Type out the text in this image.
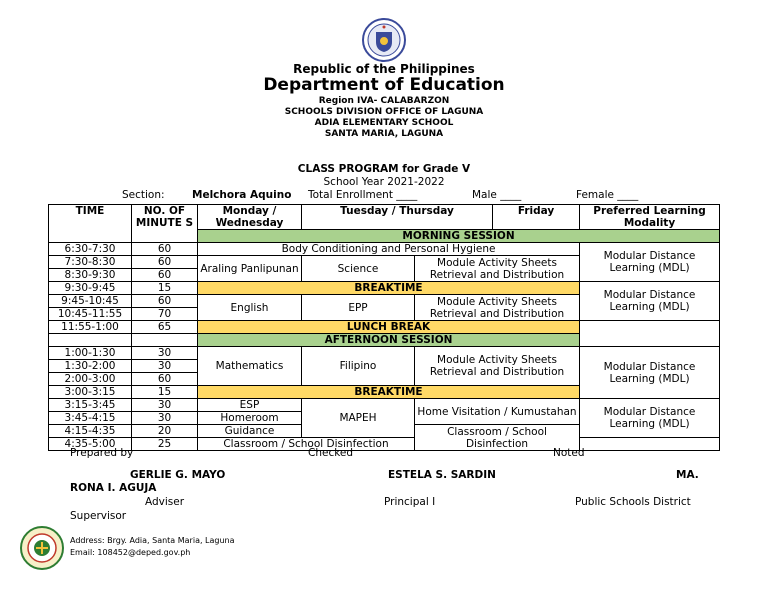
Republic of the Philippines
Department of Education
Region IVA- CALABARZON
SCHOOLS DIVISION OFFICE OF LAGUNA
ADIA ELEMENTARY SCHOOL
SANTA MARIA, LAGUNA
CLASS PROGRAM for Grade V
School Year 2021-2022
Section:	Melchora Aquino Total Enrollment ____	Male ____	Female ____
TIME	NO. OF MINUTE S	Monday / Wednesday	Tuesday / Thursday		Friday	Preferred Learning Modality
		MORNING SESSION				
6:30-7:30	60	Body Conditioning and Personal Hygiene				Modular Distance Learning (MDL)
7:30-8:30	60	Araling Panlipunan	Science	Module Activity Sheets Retrieval and Distribution		
8:30-9:30	60					
9:30-9:45	15	BREAKTIME				Modular Distance Learning (MDL)
9:45-10:45	60	English	EPP	Module Activity Sheets Retrieval and Distribution		
10:45-11:55	70					
11:55-1:00	65	LUNCH BREAK				
		AFTERNOON SESSION				
1:00-1:30	30	Mathematics	Filipino	Module Activity Sheets Retrieval and Distribution		Modular Distance Learning (MDL)
1:30-2:00	30					
2:00-3:00	60					
3:00-3:15	15	BREAKTIME				
3:15-3:45	30	ESP	MAPEH	Home Visitation / Kumustahan		Modular Distance Learning (MDL)
3:45-4:15	30	Homeroom				
4:15-4:35	20	Guidance		Classroom / School Disinfection		
4:35-5:00	25	Classroom / School Disinfection				
Prepared by	Checked	Noted
GERLIE G. MAYO	ESTELA S. SARDIN	MA.
RONA I. AGUJA
Adviser	Principal I	Public Schools District
Supervisor
Address: Brgy. Adia, Santa Maria, Laguna
Email: 108452@deped.gov.ph
